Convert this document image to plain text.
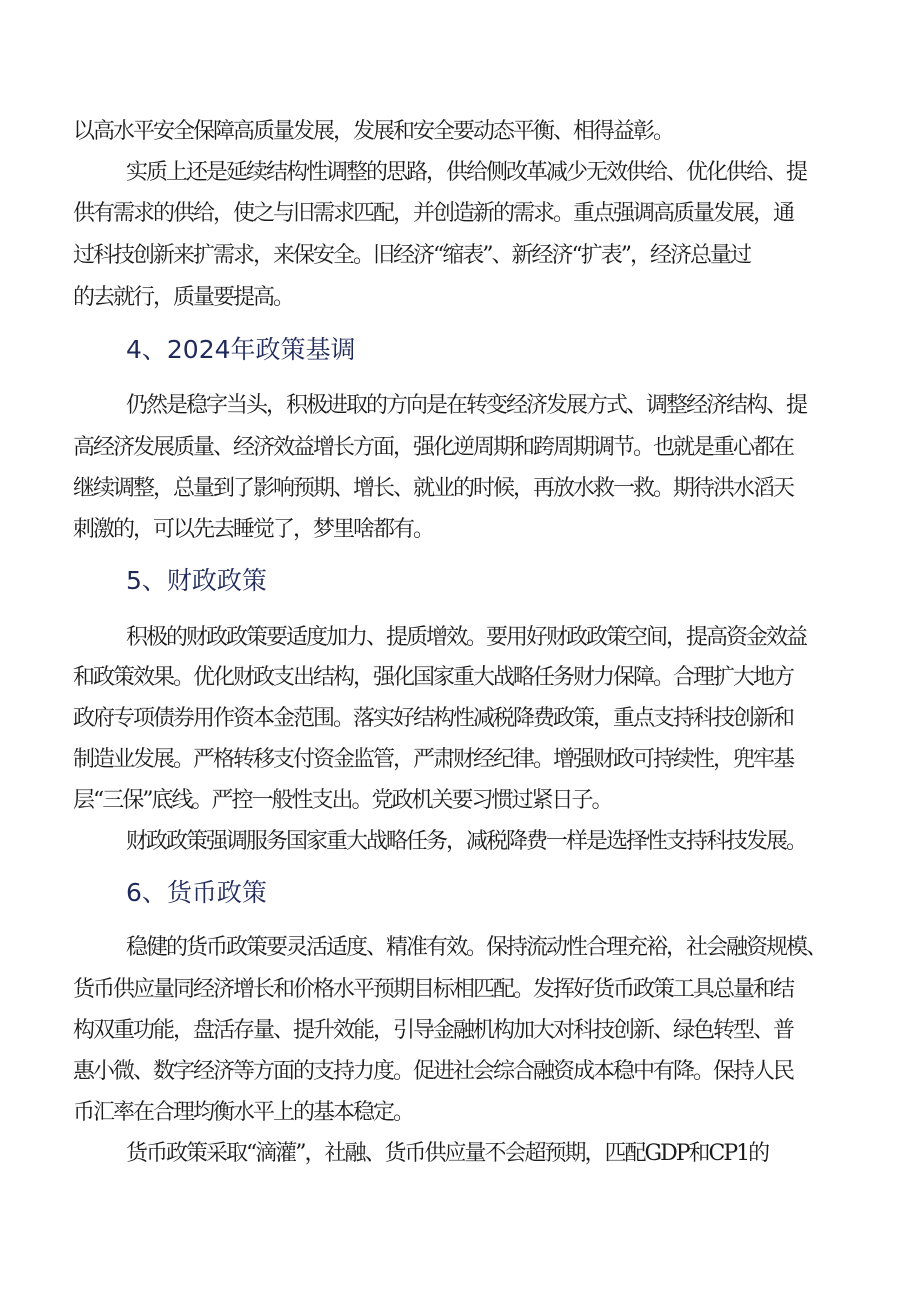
以高水平安全保障高质量发展，发展和安全要动态平衡、相得益彰。
实质上还是延续结构性调整的思路，供给侧改革减少无效供给、优化供给、提
供有需求的供给，使之与旧需求匹配，并创造新的需求。重点强调高质量发展，通
过科技创新来扩需求，来保安全。旧经济“缩表”、新经济“扩表”，经济总量过
的去就行，质量要提高。
4、2024年政策基调
仍然是稳字当头，积极进取的方向是在转变经济发展方式、调整经济结构、提
高经济发展质量、经济效益增长方面，强化逆周期和跨周期调节。也就是重心都在
继续调整，总量到了影响预期、增长、就业的时候，再放水救一救。期待洪水滔天
刺激的，可以先去睡觉了，梦里啥都有。
5、财政政策
积极的财政政策要适度加力、提质增效。要用好财政政策空间，提高资金效益
和政策效果。优化财政支出结构，强化国家重大战略任务财力保障。合理扩大地方
政府专项债券用作资本金范围。落实好结构性减税降费政策，重点支持科技创新和
制造业发展。严格转移支付资金监管，严肃财经纪律。增强财政可持续性，兜牢基
层“三保”底线。严控一般性支出。党政机关要习惯过紧日子。
财政政策强调服务国家重大战略任务，减税降费一样是选择性支持科技发展。
6、货币政策
稳健的货币政策要灵活适度、精准有效。保持流动性合理充裕，社会融资规模、
货币供应量同经济增长和价格水平预期目标相匹配。发挥好货币政策工具总量和结
构双重功能，盘活存量、提升效能，引导金融机构加大对科技创新、绿色转型、普
惠小微、数字经济等方面的支持力度。促进社会综合融资成本稳中有降。保持人民
币汇率在合理均衡水平上的基本稳定。
货币政策采取“滴灌”，社融、货币供应量不会超预期，匹配GDP和CP1的
